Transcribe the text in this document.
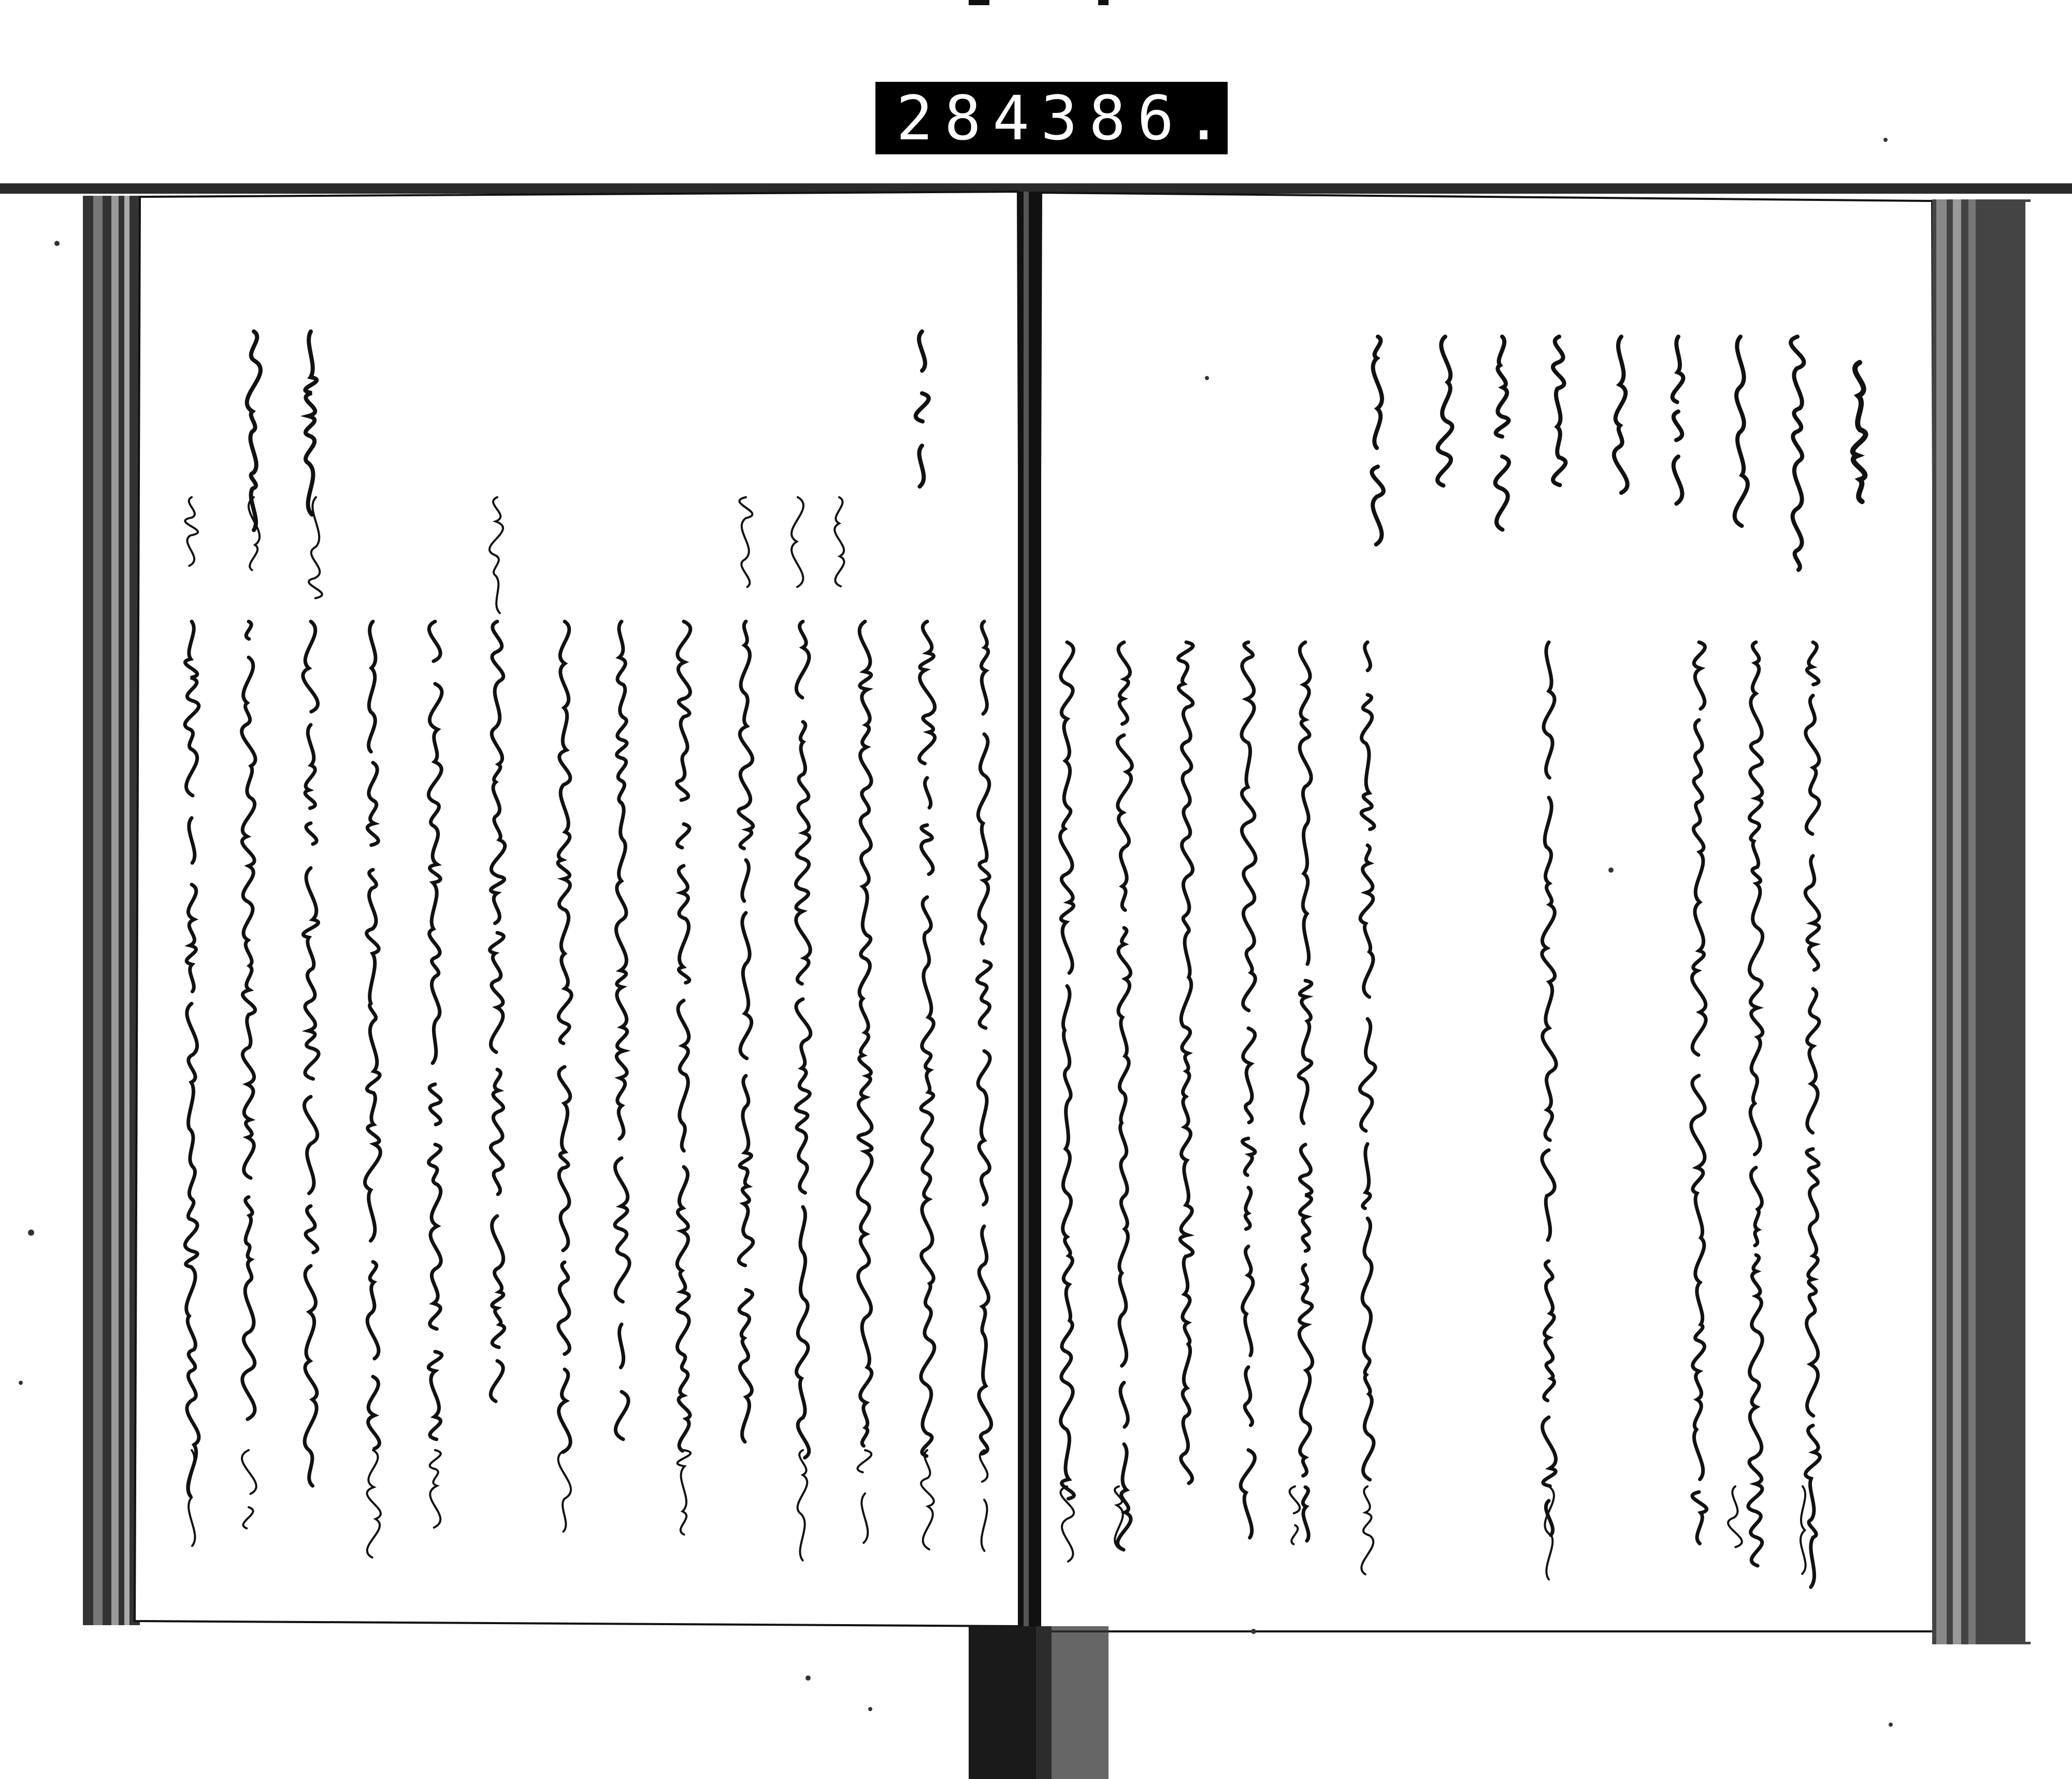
284 386.
